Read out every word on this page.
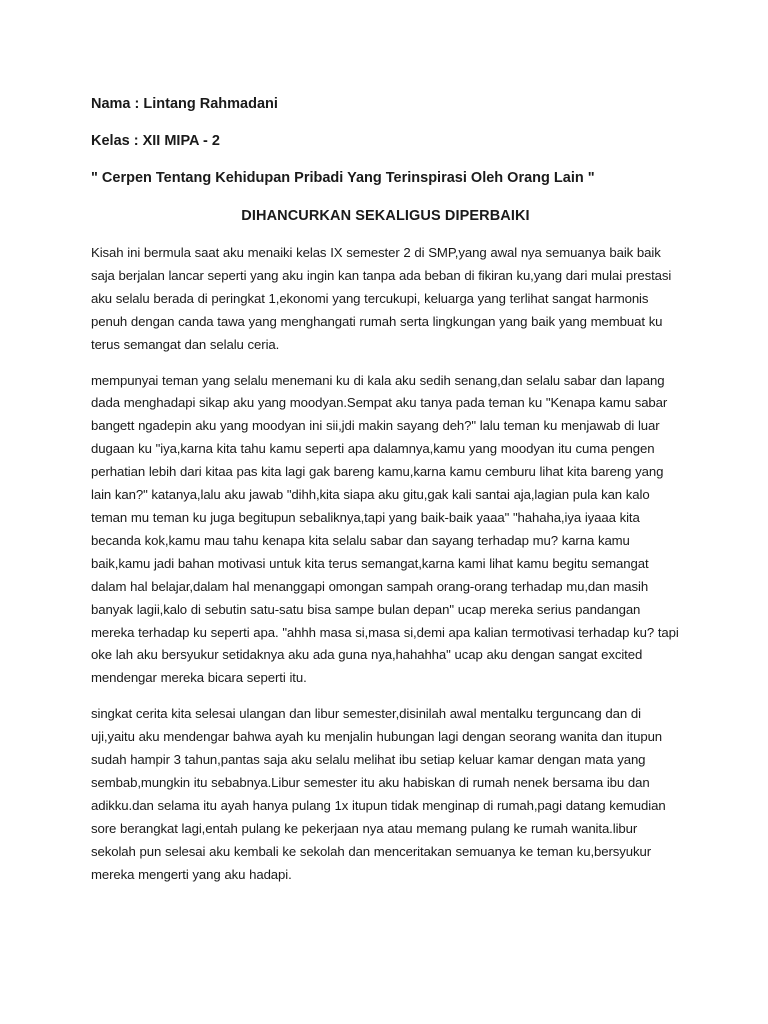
Nama : Lintang Rahmadani
Kelas : XII MIPA - 2
" Cerpen Tentang Kehidupan Pribadi Yang Terinspirasi Oleh Orang Lain "
DIHANCURKAN SEKALIGUS DIPERBAIKI

Kisah ini bermula saat aku menaiki kelas IX semester 2 di SMP,yang awal nya semuanya baik baik saja berjalan lancar seperti yang aku ingin kan tanpa ada beban di fikiran ku,yang dari mulai prestasi aku selalu berada di peringkat 1,ekonomi yang tercukupi, keluarga yang terlihat sangat harmonis penuh dengan canda tawa yang menghangati rumah serta lingkungan yang baik yang membuat ku terus semangat dan selalu ceria.

mempunyai teman yang selalu menemani ku di kala aku sedih senang,dan selalu sabar dan lapang dada menghadapi sikap aku yang moodyan.Sempat aku tanya pada teman ku "Kenapa kamu sabar bangett ngadepin aku yang moodyan ini sii,jdi makin sayang deh?" lalu teman ku menjawab di luar dugaan ku "iya,karna kita tahu kamu seperti apa dalamnya,kamu yang moodyan itu cuma pengen perhatian lebih dari kitaa pas kita lagi gak bareng kamu,karna kamu cemburu lihat kita bareng yang lain kan?" katanya,lalu aku jawab "dihh,kita siapa aku gitu,gak kali santai aja,lagian pula kan kalo teman mu teman ku juga begitupun sebaliknya,tapi yang baik-baik yaaa" "hahaha,iya iyaaa kita becanda kok,kamu mau tahu kenapa kita selalu sabar dan sayang terhadap mu? karna kamu baik,kamu jadi bahan motivasi untuk kita terus semangat,karna kami lihat kamu begitu semangat dalam hal belajar,dalam hal menanggapi omongan sampah orang-orang terhadap mu,dan masih banyak lagii,kalo di sebutin satu-satu bisa sampe bulan depan" ucap mereka serius pandangan mereka terhadap ku seperti apa. "ahhh masa si,masa si,demi apa kalian termotivasi terhadap ku? tapi oke lah aku bersyukur setidaknya aku ada guna nya,hahahha" ucap aku dengan sangat excited mendengar mereka bicara seperti itu.

singkat cerita kita selesai ulangan dan libur semester,disinilah awal mentalku terguncang dan di uji,yaitu aku mendengar bahwa ayah ku menjalin hubungan lagi dengan seorang wanita dan itupun sudah hampir 3 tahun,pantas saja aku selalu melihat ibu setiap keluar kamar dengan mata yang sembab,mungkin itu sebabnya.Libur semester itu aku habiskan di rumah nenek bersama ibu dan adikku.dan selama itu ayah hanya pulang 1x itupun tidak menginap di rumah,pagi datang kemudian sore berangkat lagi,entah pulang ke pekerjaan nya atau memang pulang ke rumah wanita.libur sekolah pun selesai aku kembali ke sekolah dan menceritakan semuanya ke teman ku,bersyukur mereka mengerti yang aku hadapi.
